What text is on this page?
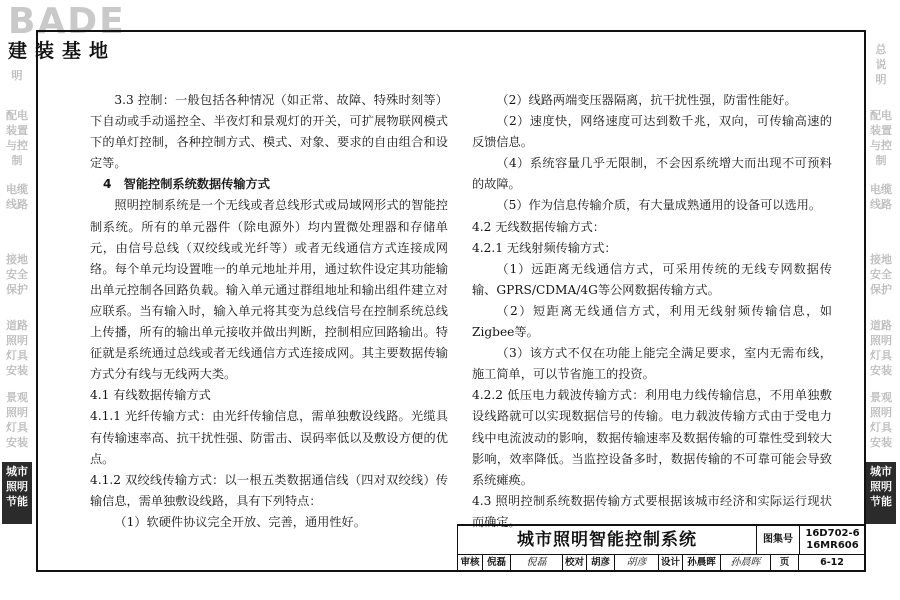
BADE
建装基地
明
配电
装置
与控
制
电缆
线路
接地
安全
保护
道路
照明
灯具
安装
景观
照明
灯具
安装
城市
照明
节能
总
说
明
配电
装置
与控
制
电缆
线路
接地
安全
保护
道路
照明
灯具
安装
景观
照明
灯具
安装
城市
照明
节能

3.3 控制：一般包括各种情况（如正常、故障、特殊时刻等）下自动或手动遥控全、半夜灯和景观灯的开关，可扩展物联网模式下的单灯控制，各种控制方式、模式、对象、要求的自由组合和设定等。

4　智能控制系统数据传输方式

照明控制系统是一个无线或者总线形式或局域网形式的智能控制系统。所有的单元器件（除电源外）均内置微处理器和存储单元，由信号总线（双绞线或光纤等）或者无线通信方式连接成网络。每个单元均设置唯一的单元地址并用，通过软件设定其功能输出单元控制各回路负载。输入单元通过群组地址和输出组件建立对应联系。当有输入时，输入单元将其变为总线信号在控制系统总线上传播，所有的输出单元接收并做出判断，控制相应回路输出。特征就是系统通过总线或者无线通信方式连接成网。其主要数据传输方式分有线与无线两大类。

4.1 有线数据传输方式

4.1.1 光纤传输方式：由光纤传输信息，需单独敷设线路。光缆具有传输速率高、抗干扰性强、防雷击、误码率低以及敷设方便的优点。

4.1.2 双绞线传输方式：以一根五类数据通信线（四对双绞线）传输信息，需单独敷设线路，具有下列特点：

（1）软硬件协议完全开放、完善，通用性好。

（2）线路两端变压器隔离，抗干扰性强，防雷性能好。

（2）速度快，网络速度可达到数千兆，双向，可传输高速的反馈信息。

（4）系统容量几乎无限制，不会因系统增大而出现不可预料的故障。

（5）作为信息传输介质，有大量成熟通用的设备可以选用。

4.2 无线数据传输方式：

4.2.1 无线射频传输方式：

（1）远距离无线通信方式，可采用传统的无线专网数据传输、GPRS/CDMA/4G等公网数据传输方式。

（2）短距离无线通信方式，利用无线射频传输信息，如Zigbee等。

（3）该方式不仅在功能上能完全满足要求，室内无需布线，施工简单，可以节省施工的投资。

4.2.2 低压电力载波传输方式：利用电力线传输信息，不用单独敷设线路就可以实现数据信号的传输。电力载波传输方式由于受电力线中电流波动的影响，数据传输速率及数据传输的可靠性受到较大影响，效率降低。当监控设备多时，数据传输的不可靠可能会导致系统瘫痪。

4.3 照明控制系统数据传输方式要根据该城市经济和实际运行现状而确定。

城市照明智能控制系统	图集号
16D702-6
16MR606
审核 倪磊	倪磊	校对 胡彦	胡彦	设计 孙晨晖	孙晨晖	页	6-12
